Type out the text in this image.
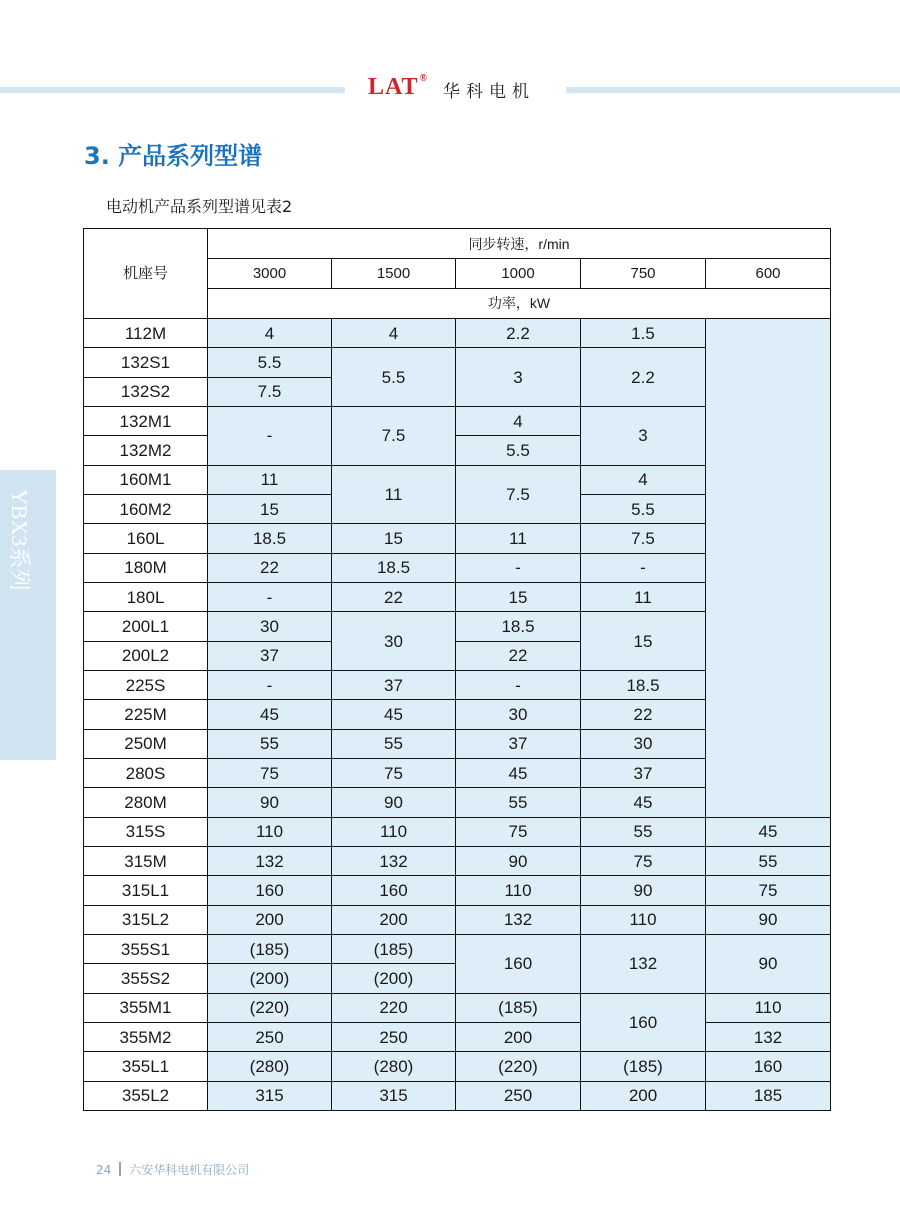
LAT®
华科电机
3. 产品系列型谱
电动机产品系列型谱见表2
YBX3系列
机座号	同步转速，r/min				
	3000	1500	1000	750	600
	功率，kW				
112M	4	4	2.2	1.5	
132S1	5.5	5.5	3	2.2	
132S2	7.5				
132M1	-	7.5	4	3	
132M2			5.5		
160M1	11	11	7.5	4	
160M2	15			5.5	
160L	18.5	15	11	7.5	
180M	22	18.5	-	-	
180L	-	22	15	11	
200L1	30	30	18.5	15	
200L2	37		22		
225S	-	37	-	18.5	
225M	45	45	30	22	
250M	55	55	37	30	
280S	75	75	45	37	
280M	90	90	55	45	
315S	110	110	75	55	45
315M	132	132	90	75	55
315L1	160	160	110	90	75
315L2	200	200	132	110	90
355S1	(185)	(185)	160	132	90
355S2	(200)	(200)			
355M1	(220)	220	(185)	160	110
355M2	250	250	200		132
355L1	(280)	(280)	(220)	(185)	160
355L2	315	315	250	200	185
24 六安华科电机有限公司
